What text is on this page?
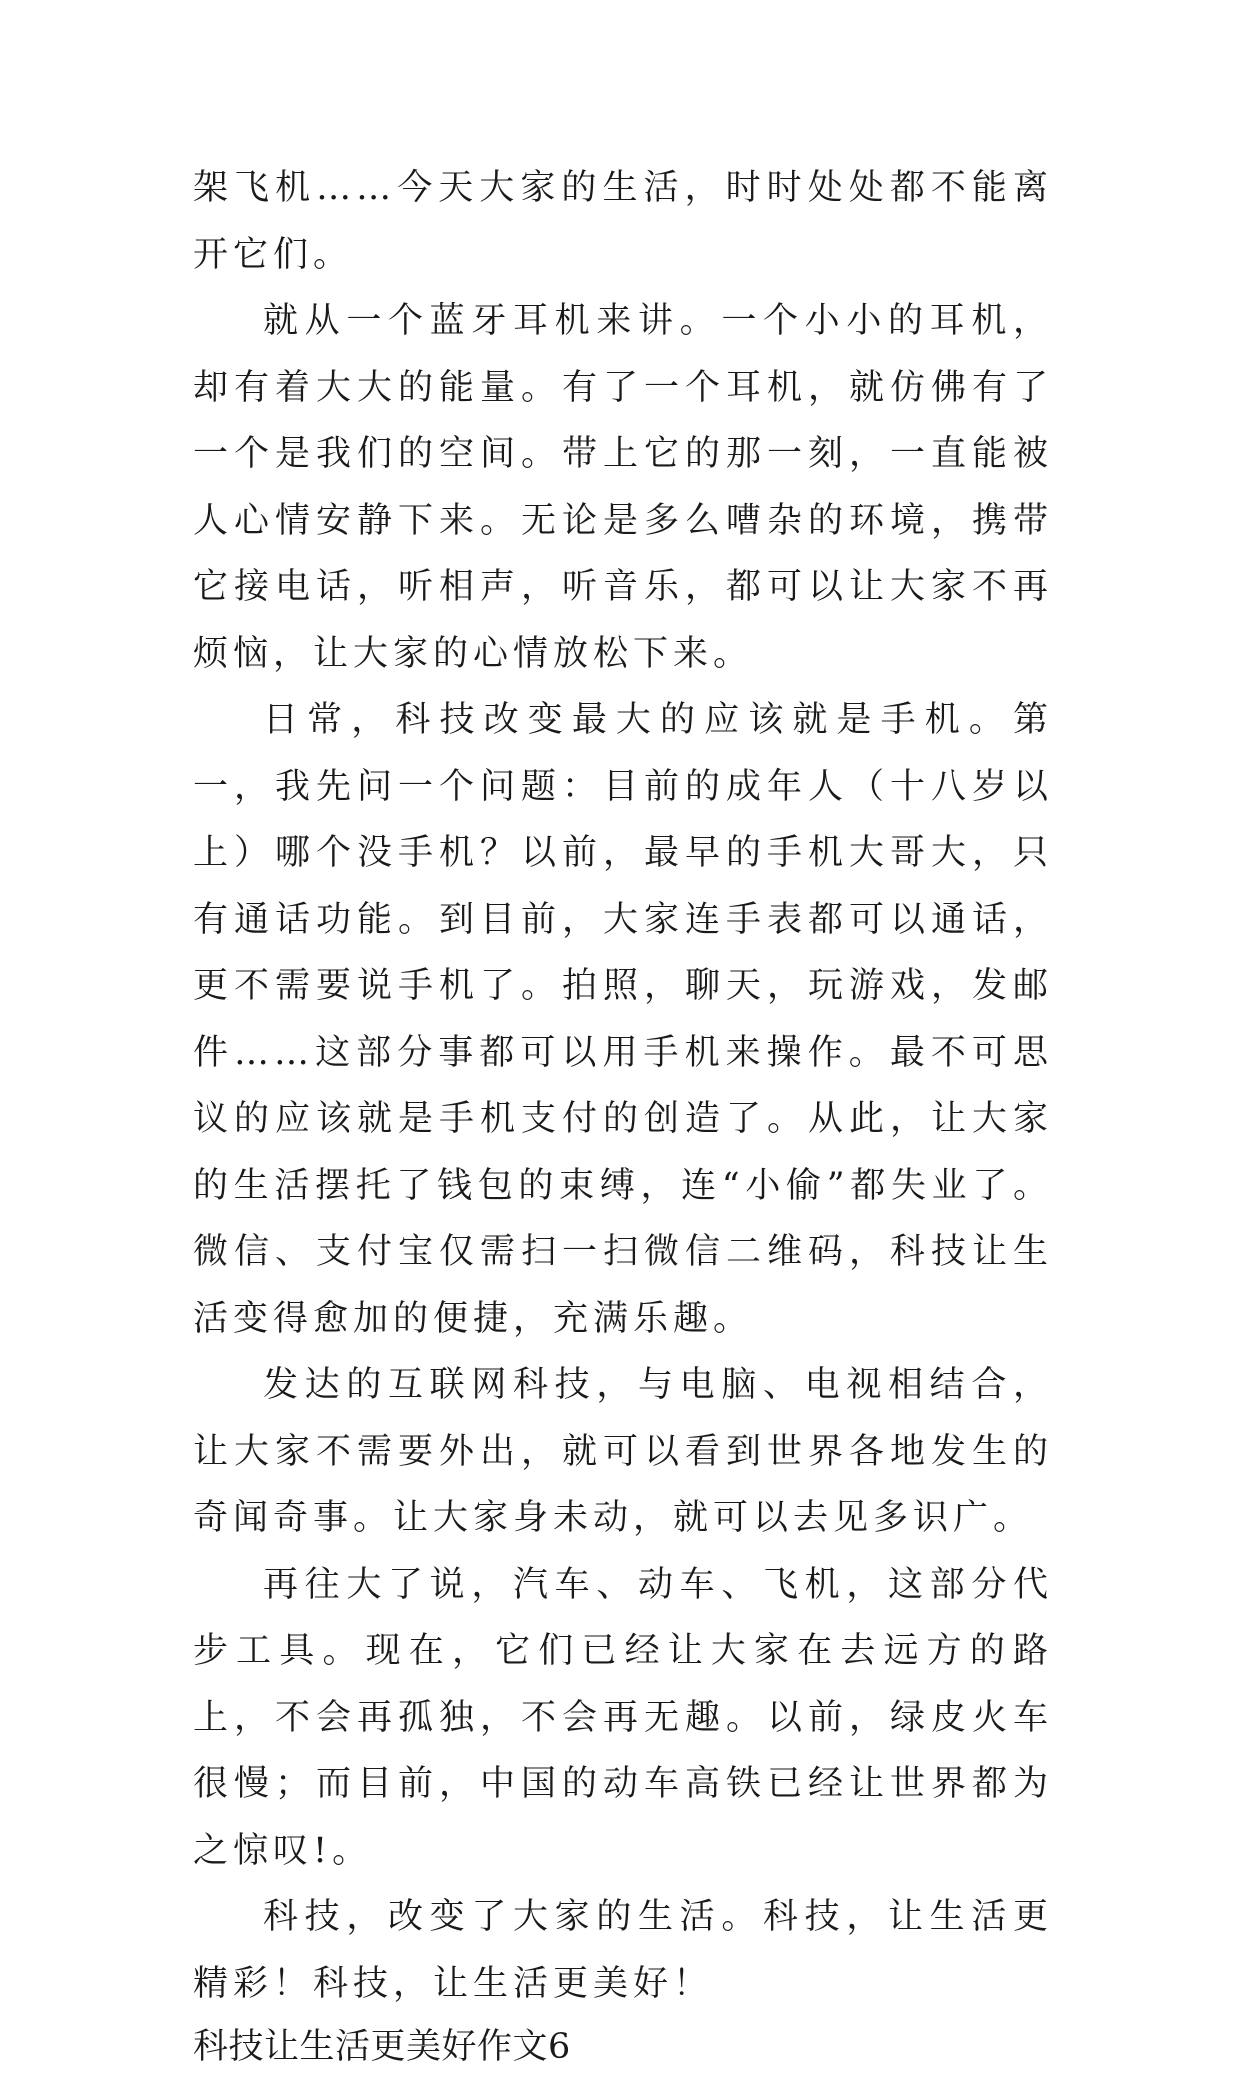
架飞机……今天大家的生活，时时处处都不能离开它们。

就从一个蓝牙耳机来讲。一个小小的耳机，却有着大大的能量。有了一个耳机，就仿佛有了一个是我们的空间。带上它的那一刻，一直能被人心情安静下来。无论是多么嘈杂的环境，携带它接电话，听相声，听音乐，都可以让大家不再烦恼，让大家的心情放松下来。

日常，科技改变最大的应该就是手机。第一，我先问一个问题：目前的成年人（十八岁以上）哪个没手机？以前，最早的手机大哥大，只有通话功能。到目前，大家连手表都可以通话，更不需要说手机了。拍照，聊天，玩游戏，发邮件……这部分事都可以用手机来操作。最不可思议的应该就是手机支付的创造了。从此，让大家的生活摆托了钱包的束缚，连“小偷”都失业了。微信、支付宝仅需扫一扫微信二维码，科技让生活变得愈加的便捷，充满乐趣。

发达的互联网科技，与电脑、电视相结合，让大家不需要外出，就可以看到世界各地发生的奇闻奇事。让大家身未动，就可以去见多识广。

再往大了说，汽车、动车、飞机，这部分代步工具。现在，它们已经让大家在去远方的路上，不会再孤独，不会再无趣。以前，绿皮火车很慢；而目前，中国的动车高铁已经让世界都为之惊叹!。

科技，改变了大家的生活。科技，让生活更精彩！科技，让生活更美好！

科技让生活更美好作文6
